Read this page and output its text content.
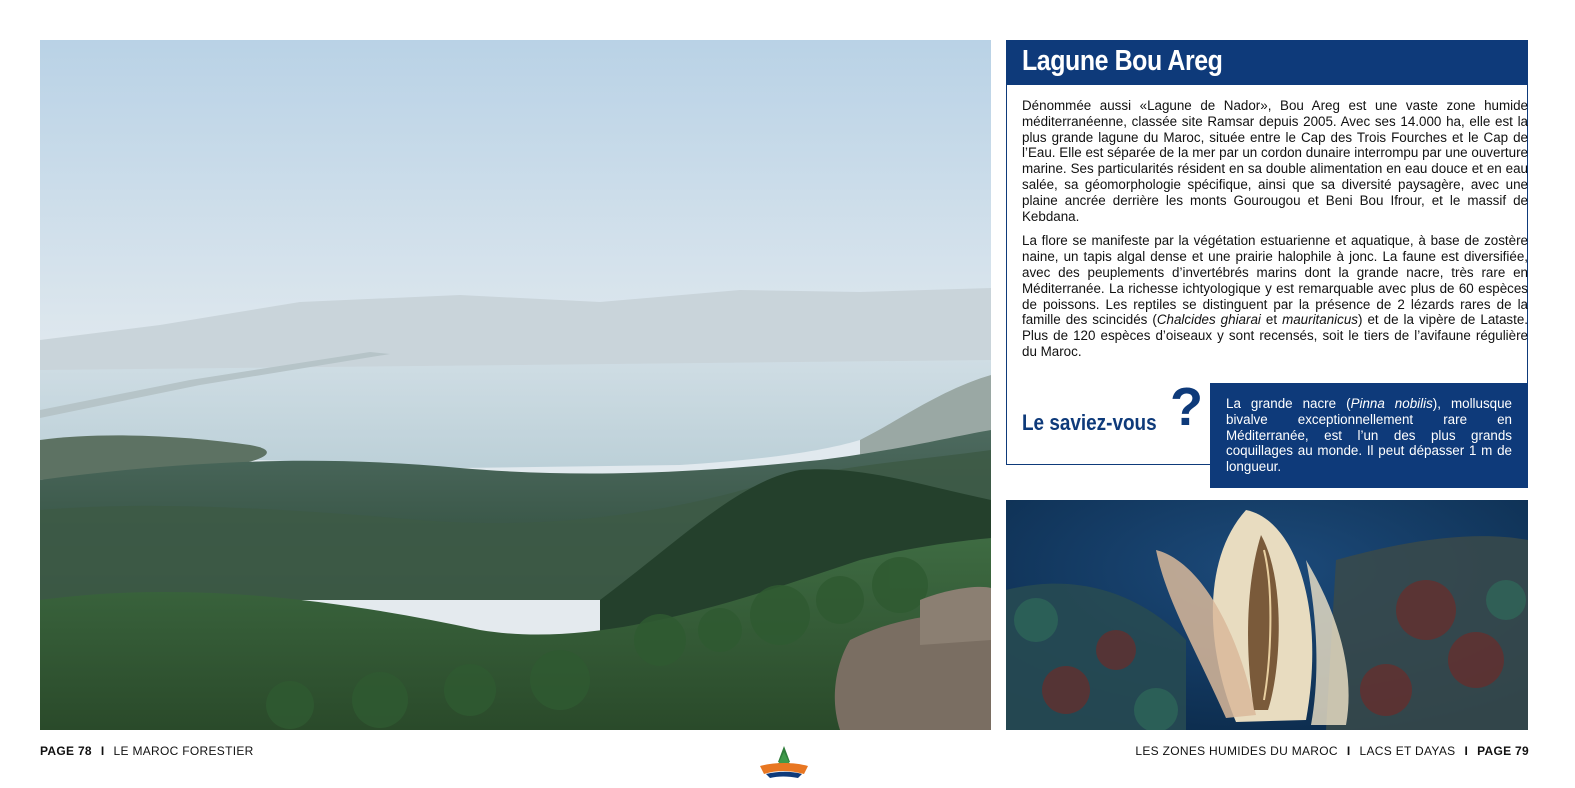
Lagune Bou Areg

Dénommée aussi «Lagune de Nador», Bou Areg est une vaste zone humide méditerranéenne, classée site Ramsar depuis 2005. Avec ses 14.000 ha, elle est la plus grande lagune du Maroc, située entre le Cap des Trois Fourches et le Cap de l’Eau. Elle est séparée de la mer par un cordon dunaire interrompu par une ouverture marine. Ses particularités résident en sa double alimentation en eau douce et en eau salée, sa géomorphologie spécifique, ainsi que sa diversité paysagère, avec une plaine ancrée derrière les monts Gourougou et Beni Bou Ifrour, et le massif de Kebdana.

La flore se manifeste par la végétation estuarienne et aquatique, à base de zostère naine, un tapis algal dense et une prairie halophile à jonc. La faune est diversifiée, avec des peuplements d’invertébrés marins dont la grande nacre, très rare en Méditerranée. La richesse ichtyologique y est remarquable avec plus de 60 espèces de poissons. Les reptiles se distinguent par la présence de 2 lézards rares de la famille des scincidés (Chalcides ghiarai et mauritanicus) et de la vipère de Lataste. Plus de 120 espèces d’oiseaux y sont recensés, soit le tiers de l’avifaune régulière du Maroc.

Le saviez-vous ?	La grande nacre (Pinna nobilis), mollusque bivalve exceptionnellement rare en Méditerranée, est l’un des plus grands coquillages au monde. Il peut dépasser 1 m de longueur.
PAGE 78 I LE MAROC FORESTIER	LES ZONES HUMIDES DU MAROC I LACS ET DAYAS I PAGE 79
